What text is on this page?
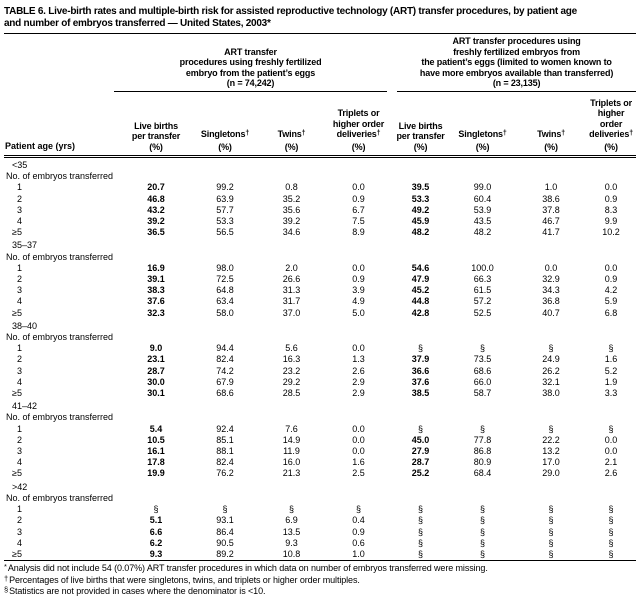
TABLE 6. Live-birth rates and multiple-birth risk for assisted reproductive technology (ART) transfer procedures, by patient age
and number of embryos transferred — United States, 2003*

ART transfer
procedures using freshly fertilized
embryo from the patient’s eggs
(n = 74,242)

ART transfer procedures using
freshly fertilized embryos from
the patient’s eggs (limited to women known to
have more embryos available than transferred)
(n = 23,135)

Patient age (yrs)	
Live births
per transfer
(%)

Singletons†
(%)

Twins†
(%)

Triplets or
higher order
deliveries†
(%)

Live births
per transfer
(%)

Singletons†
(%)

Twins†
(%)

Triplets or
higher order
deliveries†
(%)

<35								
No. of embryos transferred								
1	20.7	99.2	0.8	0.0	39.5	99.0	1.0	0.0
2	46.8	63.9	35.2	0.9	53.3	60.4	38.6	0.9
3	43.2	57.7	35.6	6.7	49.2	53.9	37.8	8.3
4	39.2	53.3	39.2	7.5	45.9	43.5	46.7	9.9
≥5	36.5	56.5	34.6	8.9	48.2	48.2	41.7	10.2
35–37								
No. of embryos transferred								
1	16.9	98.0	2.0	0.0	54.6	100.0	0.0	0.0
2	39.1	72.5	26.6	0.9	47.9	66.3	32.9	0.9
3	38.3	64.8	31.3	3.9	45.2	61.5	34.3	4.2
4	37.6	63.4	31.7	4.9	44.8	57.2	36.8	5.9
≥5	32.3	58.0	37.0	5.0	42.8	52.5	40.7	6.8
38–40								
No. of embryos transferred								
1	9.0	94.4	5.6	0.0	§	§	§	§
2	23.1	82.4	16.3	1.3	37.9	73.5	24.9	1.6
3	28.7	74.2	23.2	2.6	36.6	68.6	26.2	5.2
4	30.0	67.9	29.2	2.9	37.6	66.0	32.1	1.9
≥5	30.1	68.6	28.5	2.9	38.5	58.7	38.0	3.3
41–42								
No. of embryos transferred								
1	5.4	92.4	7.6	0.0	§	§	§	§
2	10.5	85.1	14.9	0.0	45.0	77.8	22.2	0.0
3	16.1	88.1	11.9	0.0	27.9	86.8	13.2	0.0
4	17.8	82.4	16.0	1.6	28.7	80.9	17.0	2.1
≥5	19.9	76.2	21.3	2.5	25.2	68.4	29.0	2.6
>42								
No. of embryos transferred								
1	§	§	§	§	§	§	§	§
2	5.1	93.1	6.9	0.4	§	§	§	§
3	6.6	86.4	13.5	0.9	§	§	§	§
4	6.2	90.5	9.3	0.6	§	§	§	§
≥5	9.3	89.2	10.8	1.0	§	§	§	§
*Analysis did not include 54 (0.07%) ART transfer procedures in which data on number of embryos transferred were missing.
†Percentages of live births that were singletons, twins, and triplets or higher order multiples.
§Statistics are not provided in cases where the denominator is <10.
